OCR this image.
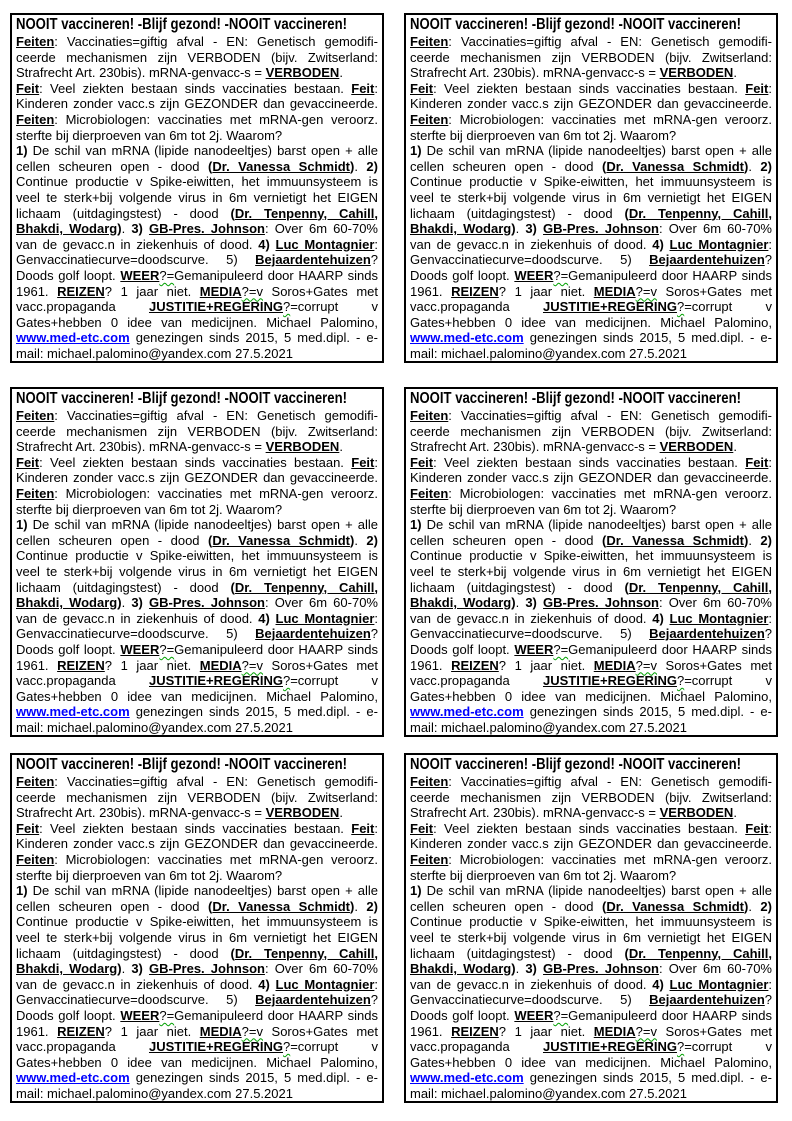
NOOIT vaccineren! -Blijf gezond! -NOOIT vaccineren!

Feiten: Vaccinaties=giftig afval - EN: Genetisch gemodificeerde mechanismen zijn VERBODEN (bijv. Zwitserland: Strafrecht Art. 230bis). mRNA-genvacc-s = VERBODEN.

Feit: Veel ziekten bestaan sinds vaccinaties bestaan. Feit: Kinderen zonder vacc.s zijn GEZONDER dan gevaccineerde. Feiten: Microbiologen: vaccinaties met mRNA-gen veroorz. sterfte bij dierproeven van 6m tot 2j. Waarom?

1) De schil van mRNA (lipide nanodeeltjes) barst open + alle cellen scheuren open - dood (Dr. Vanessa Schmidt). 2) Continue productie v Spike-eiwitten, het immuunsysteem is veel te sterk+bij volgende virus in 6m vernietigt het EIGEN lichaam (uitdagingstest) - dood (Dr. Tenpenny, Cahill, Bhakdi, Wodarg). 3) GB-Pres. Johnson: Over 6m 60-70% van de gevacc.n in ziekenhuis of dood. 4) Luc Montagnier: Genvaccinatiecurve=doodscurve. 5) Bejaardentehuizen? Doods golf loopt. WEER?=Gemanipuleerd door HAARP sinds 1961. REIZEN? 1 jaar niet. MEDIA?=v Soros+Gates met vacc.propaganda JUSTITIE+REGERING?=corrupt v Gates+hebben 0 idee van medicijnen. Michael Palomino, www.med-etc.com genezingen sinds 2015, 5 med.dipl. - e-mail: michael.palomino@yandex.com 27.5.2021

NOOIT vaccineren! -Blijf gezond! -NOOIT vaccineren!

Feiten: Vaccinaties=giftig afval - EN: Genetisch gemodificeerde mechanismen zijn VERBODEN (bijv. Zwitserland: Strafrecht Art. 230bis). mRNA-genvacc-s = VERBODEN.

Feit: Veel ziekten bestaan sinds vaccinaties bestaan. Feit: Kinderen zonder vacc.s zijn GEZONDER dan gevaccineerde. Feiten: Microbiologen: vaccinaties met mRNA-gen veroorz. sterfte bij dierproeven van 6m tot 2j. Waarom?

1) De schil van mRNA (lipide nanodeeltjes) barst open + alle cellen scheuren open - dood (Dr. Vanessa Schmidt). 2) Continue productie v Spike-eiwitten, het immuunsysteem is veel te sterk+bij volgende virus in 6m vernietigt het EIGEN lichaam (uitdagingstest) - dood (Dr. Tenpenny, Cahill, Bhakdi, Wodarg). 3) GB-Pres. Johnson: Over 6m 60-70% van de gevacc.n in ziekenhuis of dood. 4) Luc Montagnier: Genvaccinatiecurve=doodscurve. 5) Bejaardentehuizen? Doods golf loopt. WEER?=Gemanipuleerd door HAARP sinds 1961. REIZEN? 1 jaar niet. MEDIA?=v Soros+Gates met vacc.propaganda JUSTITIE+REGERING?=corrupt v Gates+hebben 0 idee van medicijnen. Michael Palomino, www.med-etc.com genezingen sinds 2015, 5 med.dipl. - e-mail: michael.palomino@yandex.com 27.5.2021

NOOIT vaccineren! -Blijf gezond! -NOOIT vaccineren!

Feiten: Vaccinaties=giftig afval - EN: Genetisch gemodificeerde mechanismen zijn VERBODEN (bijv. Zwitserland: Strafrecht Art. 230bis). mRNA-genvacc-s = VERBODEN.

Feit: Veel ziekten bestaan sinds vaccinaties bestaan. Feit: Kinderen zonder vacc.s zijn GEZONDER dan gevaccineerde. Feiten: Microbiologen: vaccinaties met mRNA-gen veroorz. sterfte bij dierproeven van 6m tot 2j. Waarom?

1) De schil van mRNA (lipide nanodeeltjes) barst open + alle cellen scheuren open - dood (Dr. Vanessa Schmidt). 2) Continue productie v Spike-eiwitten, het immuunsysteem is veel te sterk+bij volgende virus in 6m vernietigt het EIGEN lichaam (uitdagingstest) - dood (Dr. Tenpenny, Cahill, Bhakdi, Wodarg). 3) GB-Pres. Johnson: Over 6m 60-70% van de gevacc.n in ziekenhuis of dood. 4) Luc Montagnier: Genvaccinatiecurve=doodscurve. 5) Bejaardentehuizen? Doods golf loopt. WEER?=Gemanipuleerd door HAARP sinds 1961. REIZEN? 1 jaar niet. MEDIA?=v Soros+Gates met vacc.propaganda JUSTITIE+REGERING?=corrupt v Gates+hebben 0 idee van medicijnen. Michael Palomino, www.med-etc.com genezingen sinds 2015, 5 med.dipl. - e-mail: michael.palomino@yandex.com 27.5.2021

NOOIT vaccineren! -Blijf gezond! -NOOIT vaccineren!

Feiten: Vaccinaties=giftig afval - EN: Genetisch gemodificeerde mechanismen zijn VERBODEN (bijv. Zwitserland: Strafrecht Art. 230bis). mRNA-genvacc-s = VERBODEN.

Feit: Veel ziekten bestaan sinds vaccinaties bestaan. Feit: Kinderen zonder vacc.s zijn GEZONDER dan gevaccineerde. Feiten: Microbiologen: vaccinaties met mRNA-gen veroorz. sterfte bij dierproeven van 6m tot 2j. Waarom?

1) De schil van mRNA (lipide nanodeeltjes) barst open + alle cellen scheuren open - dood (Dr. Vanessa Schmidt). 2) Continue productie v Spike-eiwitten, het immuunsysteem is veel te sterk+bij volgende virus in 6m vernietigt het EIGEN lichaam (uitdagingstest) - dood (Dr. Tenpenny, Cahill, Bhakdi, Wodarg). 3) GB-Pres. Johnson: Over 6m 60-70% van de gevacc.n in ziekenhuis of dood. 4) Luc Montagnier: Genvaccinatiecurve=doodscurve. 5) Bejaardentehuizen? Doods golf loopt. WEER?=Gemanipuleerd door HAARP sinds 1961. REIZEN? 1 jaar niet. MEDIA?=v Soros+Gates met vacc.propaganda JUSTITIE+REGERING?=corrupt v Gates+hebben 0 idee van medicijnen. Michael Palomino, www.med-etc.com genezingen sinds 2015, 5 med.dipl. - e-mail: michael.palomino@yandex.com 27.5.2021

NOOIT vaccineren! -Blijf gezond! -NOOIT vaccineren!

Feiten: Vaccinaties=giftig afval - EN: Genetisch gemodificeerde mechanismen zijn VERBODEN (bijv. Zwitserland: Strafrecht Art. 230bis). mRNA-genvacc-s = VERBODEN.

Feit: Veel ziekten bestaan sinds vaccinaties bestaan. Feit: Kinderen zonder vacc.s zijn GEZONDER dan gevaccineerde. Feiten: Microbiologen: vaccinaties met mRNA-gen veroorz. sterfte bij dierproeven van 6m tot 2j. Waarom?

1) De schil van mRNA (lipide nanodeeltjes) barst open + alle cellen scheuren open - dood (Dr. Vanessa Schmidt). 2) Continue productie v Spike-eiwitten, het immuunsysteem is veel te sterk+bij volgende virus in 6m vernietigt het EIGEN lichaam (uitdagingstest) - dood (Dr. Tenpenny, Cahill, Bhakdi, Wodarg). 3) GB-Pres. Johnson: Over 6m 60-70% van de gevacc.n in ziekenhuis of dood. 4) Luc Montagnier: Genvaccinatiecurve=doodscurve. 5) Bejaardentehuizen? Doods golf loopt. WEER?=Gemanipuleerd door HAARP sinds 1961. REIZEN? 1 jaar niet. MEDIA?=v Soros+Gates met vacc.propaganda JUSTITIE+REGERING?=corrupt v Gates+hebben 0 idee van medicijnen. Michael Palomino, www.med-etc.com genezingen sinds 2015, 5 med.dipl. - e-mail: michael.palomino@yandex.com 27.5.2021

NOOIT vaccineren! -Blijf gezond! -NOOIT vaccineren!

Feiten: Vaccinaties=giftig afval - EN: Genetisch gemodificeerde mechanismen zijn VERBODEN (bijv. Zwitserland: Strafrecht Art. 230bis). mRNA-genvacc-s = VERBODEN.

Feit: Veel ziekten bestaan sinds vaccinaties bestaan. Feit: Kinderen zonder vacc.s zijn GEZONDER dan gevaccineerde. Feiten: Microbiologen: vaccinaties met mRNA-gen veroorz. sterfte bij dierproeven van 6m tot 2j. Waarom?

1) De schil van mRNA (lipide nanodeeltjes) barst open + alle cellen scheuren open - dood (Dr. Vanessa Schmidt). 2) Continue productie v Spike-eiwitten, het immuunsysteem is veel te sterk+bij volgende virus in 6m vernietigt het EIGEN lichaam (uitdagingstest) - dood (Dr. Tenpenny, Cahill, Bhakdi, Wodarg). 3) GB-Pres. Johnson: Over 6m 60-70% van de gevacc.n in ziekenhuis of dood. 4) Luc Montagnier: Genvaccinatiecurve=doodscurve. 5) Bejaardentehuizen? Doods golf loopt. WEER?=Gemanipuleerd door HAARP sinds 1961. REIZEN? 1 jaar niet. MEDIA?=v Soros+Gates met vacc.propaganda JUSTITIE+REGERING?=corrupt v Gates+hebben 0 idee van medicijnen. Michael Palomino, www.med-etc.com genezingen sinds 2015, 5 med.dipl. - e-mail: michael.palomino@yandex.com 27.5.2021
